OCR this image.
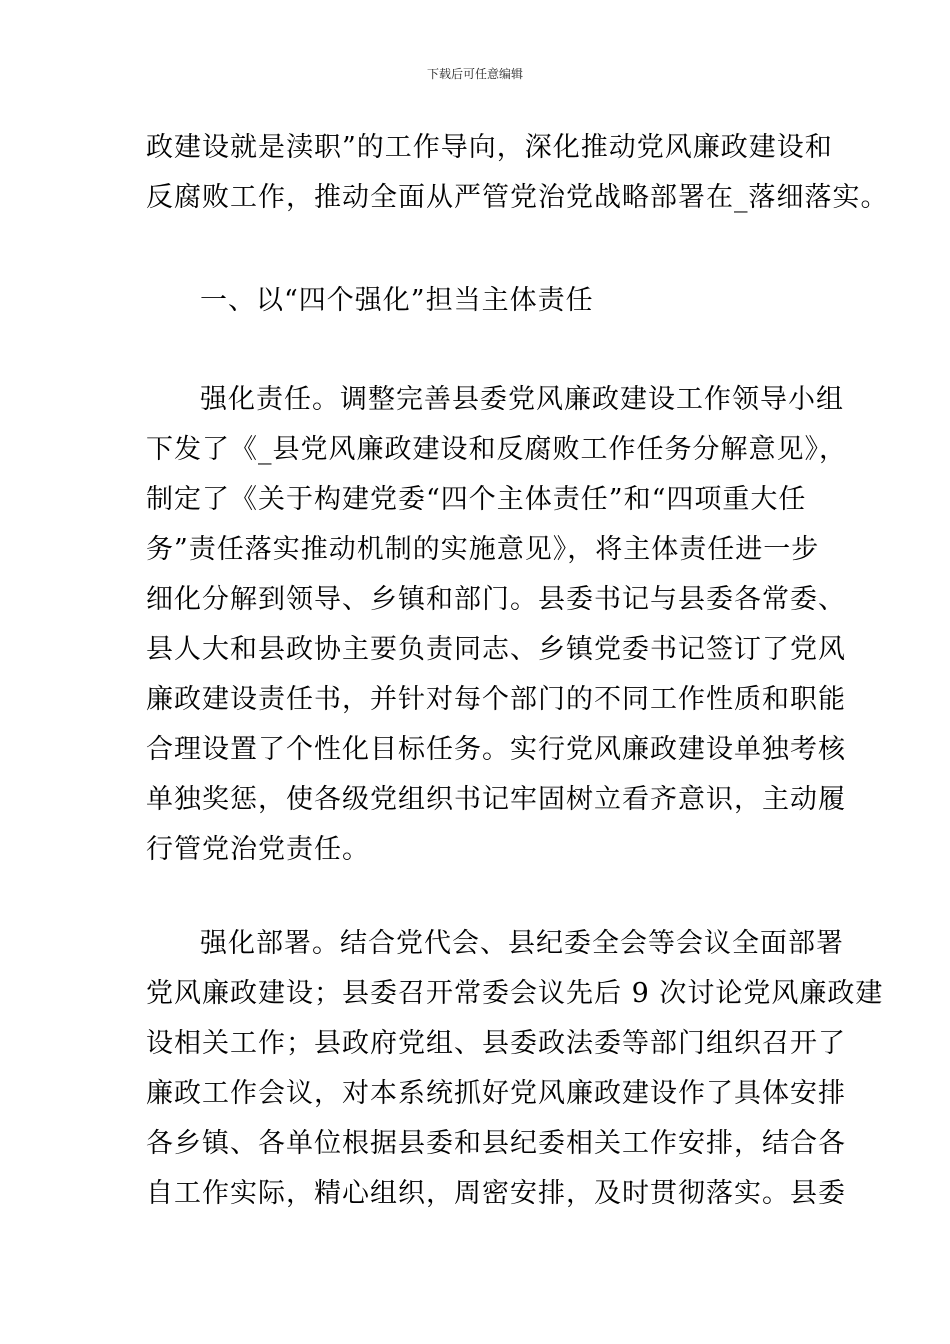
下载后可任意编辑
政建设就是渎职”的工作导向，深化推动党风廉政建设和
反腐败工作，推动全面从严管党治党战略部署在_落细落实。
一、以“四个强化”担当主体责任
强化责任。调整完善县委党风廉政建设工作领导小组
下发了《_县党风廉政建设和反腐败工作任务分解意见》，
制定了《关于构建党委“四个主体责任”和“四项重大任
务”责任落实推动机制的实施意见》，将主体责任进一步
细化分解到领导、乡镇和部门。县委书记与县委各常委、
县人大和县政协主要负责同志、乡镇党委书记签订了党风
廉政建设责任书，并针对每个部门的不同工作性质和职能
合理设置了个性化目标任务。实行党风廉政建设单独考核
单独奖惩，使各级党组织书记牢固树立看齐意识，主动履
行管党治党责任。
强化部署。结合党代会、县纪委全会等会议全面部署
党风廉政建设；县委召开常委会议先后 9 次讨论党风廉政建
设相关工作；县政府党组、县委政法委等部门组织召开了
廉政工作会议，对本系统抓好党风廉政建设作了具体安排
各乡镇、各单位根据县委和县纪委相关工作安排，结合各
自工作实际，精心组织，周密安排，及时贯彻落实。县委
